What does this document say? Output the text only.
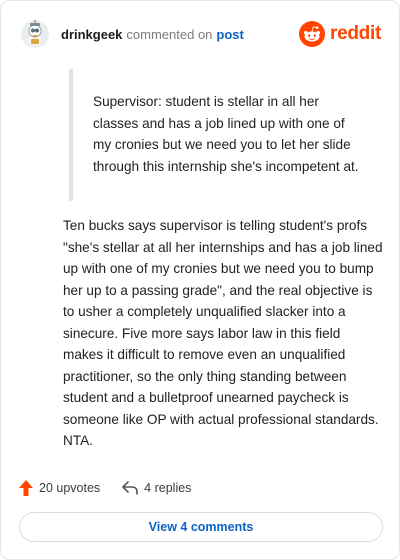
drinkgeek commented on post	reddit
Supervisor: student is stellar in all her classes and has a job lined up with one of my cronies but we need you to let her slide through this internship she's incompetent at.
Ten bucks says supervisor is telling student's profs "she's stellar at all her internships and has a job lined up with one of my cronies but we need you to bump her up to a passing grade", and the real objective is to usher a completely unqualified slacker into a sinecure. Five more says labor law in this field makes it difficult to remove even an unqualified practitioner, so the only thing standing between student and a bulletproof unearned paycheck is someone like OP with actual professional standards. NTA.
20 upvotes	4 replies
View 4 comments
